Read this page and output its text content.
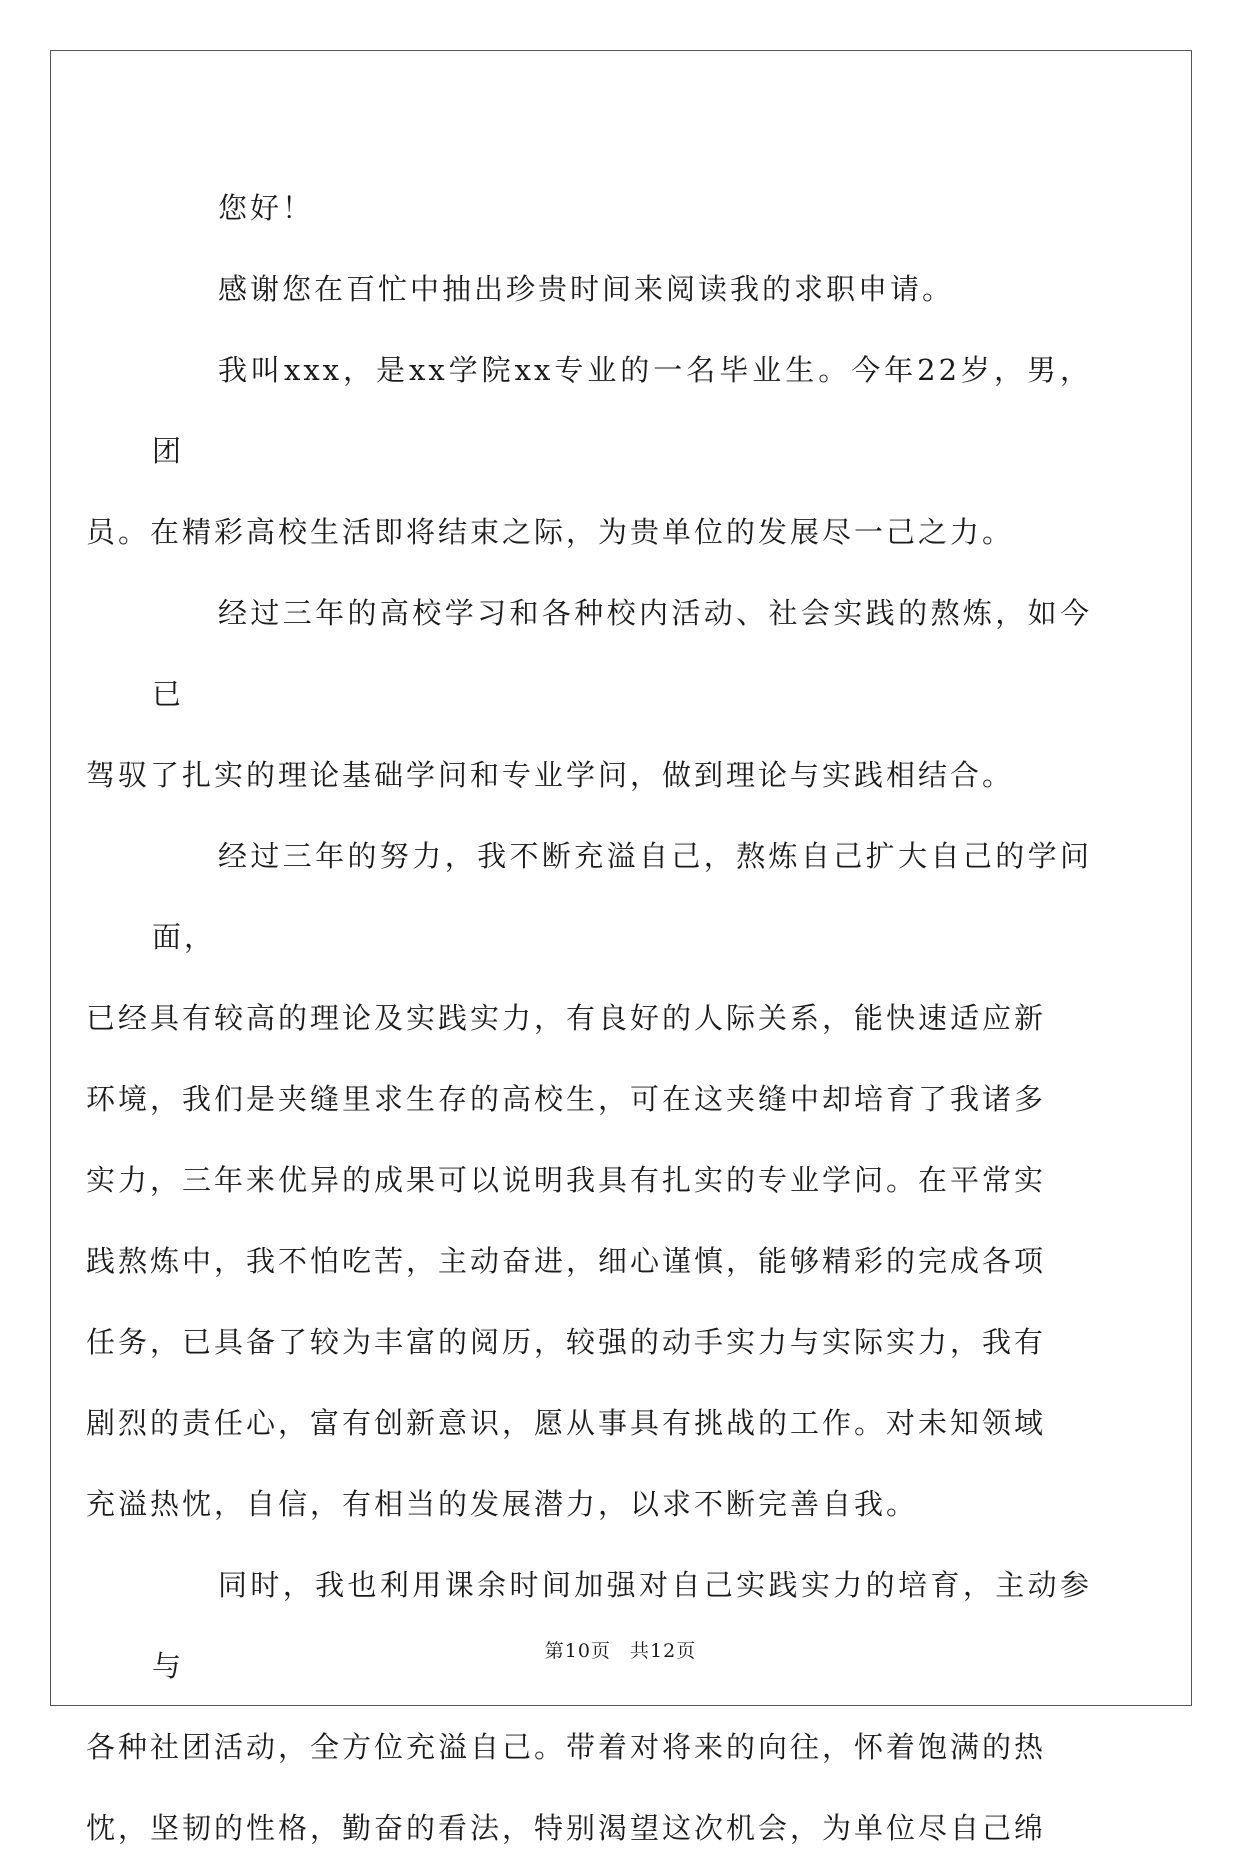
您好！

感谢您在百忙中抽出珍贵时间来阅读我的求职申请。

我叫xxx，是xx学院xx专业的一名毕业生。今年22岁，男，团
员。在精彩高校生活即将结束之际，为贵单位的发展尽一己之力。

经过三年的高校学习和各种校内活动、社会实践的熬炼，如今已
驾驭了扎实的理论基础学问和专业学问，做到理论与实践相结合。

经过三年的努力，我不断充溢自己，熬炼自己扩大自己的学问面，
已经具有较高的理论及实践实力，有良好的人际关系，能快速适应新
环境，我们是夹缝里求生存的高校生，可在这夹缝中却培育了我诸多
实力，三年来优异的成果可以说明我具有扎实的专业学问。在平常实
践熬炼中，我不怕吃苦，主动奋进，细心谨慎，能够精彩的完成各项
任务，已具备了较为丰富的阅历，较强的动手实力与实际实力，我有
剧烈的责任心，富有创新意识，愿从事具有挑战的工作。对未知领域
充溢热忱，自信，有相当的发展潜力，以求不断完善自我。

同时，我也利用课余时间加强对自己实践实力的培育，主动参与
各种社团活动，全方位充溢自己。带着对将来的向往，怀着饱满的热
忱，坚韧的性格，勤奋的看法，特别渴望这次机会，为单位尽自己绵

第10页 共12页
